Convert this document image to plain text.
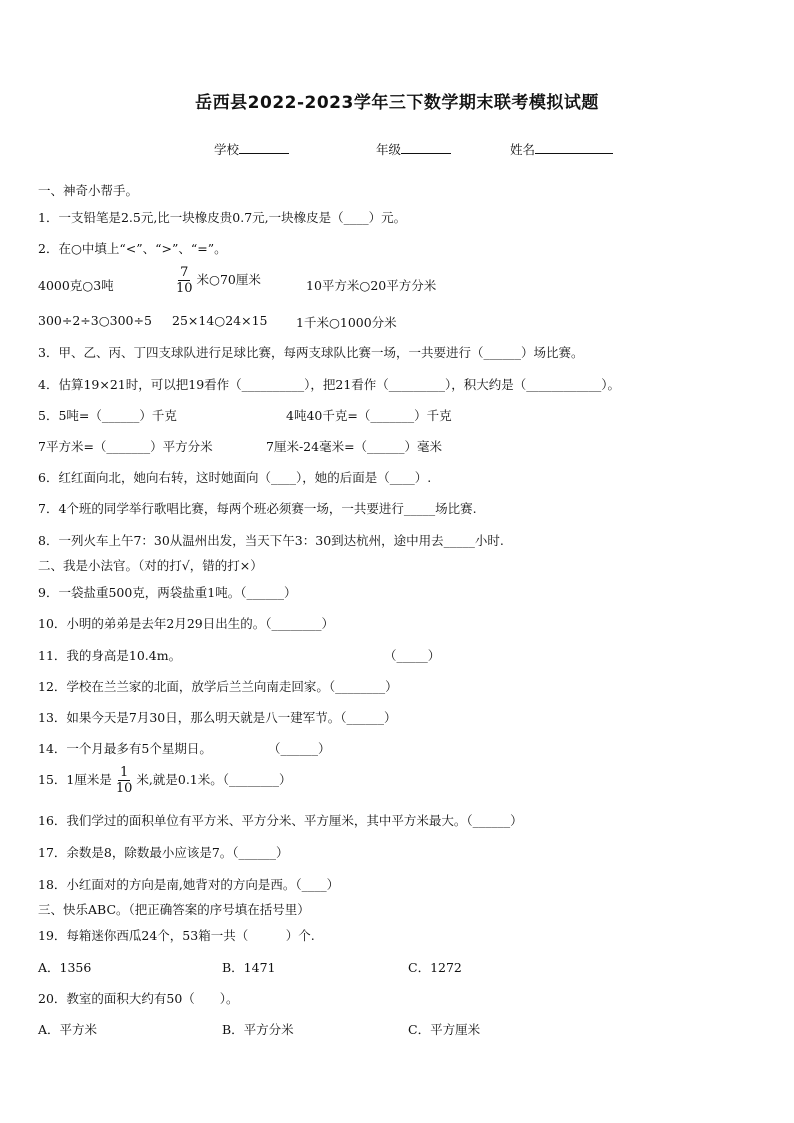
岳西县2022-2023学年三下数学期末联考模拟试题
学校	年级	姓名
一、神奇小帮手。
1．一支铅笔是2.5元,比一块橡皮贵0.7元,一块橡皮是（____）元。
2．在○中填上“<”、“>”、“=”。
4000克○3吨	$\frac{7}{10}$ 米○70厘米	10平方米○20平方分米
300÷2÷3○300÷5 25×14○24×15 1千米○1000分米
3．甲、乙、丙、丁四支球队进行足球比赛，每两支球队比赛一场，一共要进行（______）场比赛。
4．估算19×21时，可以把19看作（__________），把21看作（_________），积大约是（____________）。
5．5吨=（______）千克	4吨40千克=（_______）千克
7平方米=（_______）平方分米	7厘米-24毫米=（______）毫米
6．红红面向北，她向右转，这时她面向（____），她的后面是（____）.
7．4个班的同学举行歌唱比赛，每两个班必须赛一场，一共要进行_____场比赛.
8．一列火车上午7：30从温州出发，当天下午3：30到达杭州，途中用去_____小时.
二、我是小法官。（对的打√，错的打×）
9．一袋盐重500克，两袋盐重1吨。（______）
10．小明的弟弟是去年2月29日出生的。（________）
11．我的身高是10.4m。	（_____）
12．学校在兰兰家的北面，放学后兰兰向南走回家。（________）
13．如果今天是7月30日，那么明天就是八一建军节。（______）
14．一个月最多有5个星期日。	（______）
15．1厘米是 $\frac{1}{10}$ 米,就是0.1米。（________）
16．我们学过的面积单位有平方米、平方分米、平方厘米，其中平方米最大。（______）
17．余数是8，除数最小应该是7。（______）
18．小红面对的方向是南,她背对的方向是西。（____）
三、快乐ABC。（把正确答案的序号填在括号里）
19．每箱迷你西瓜24个，53箱一共（　　　）个.
A．1356	B．1471	C．1272
20．教室的面积大约有50（　　）。
A．平方米	B．平方分米	C．平方厘米
